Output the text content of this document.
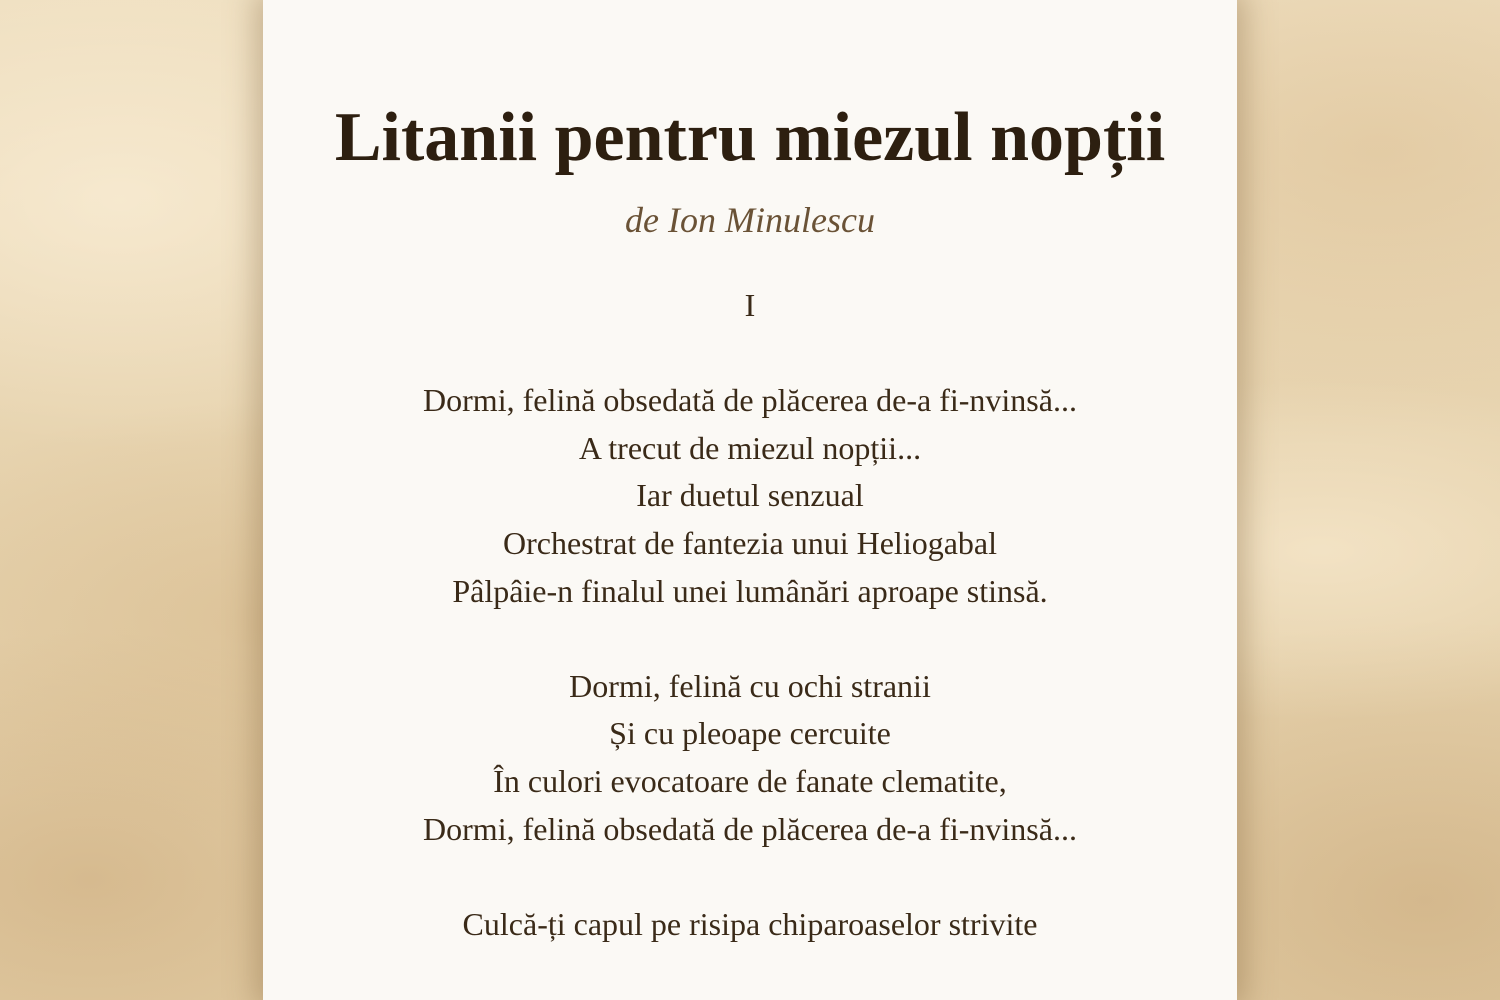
Litanii pentru miezul nopții
de Ion Minulescu
I
Dormi, felină obsedată de plăcerea de-a fi-nvinsă...
A trecut de miezul nopții...
Iar duetul senzual
Orchestrat de fantezia unui Heliogabal
Pâlpâie-n finalul unei lumânări aproape stinsă.
Dormi, felină cu ochi stranii
Și cu pleoape cercuite
În culori evocatoare de fanate clematite,
Dormi, felină obsedată de plăcerea de-a fi-nvinsă...
Culcă-ți capul pe risipa chiparoaselor strivite
